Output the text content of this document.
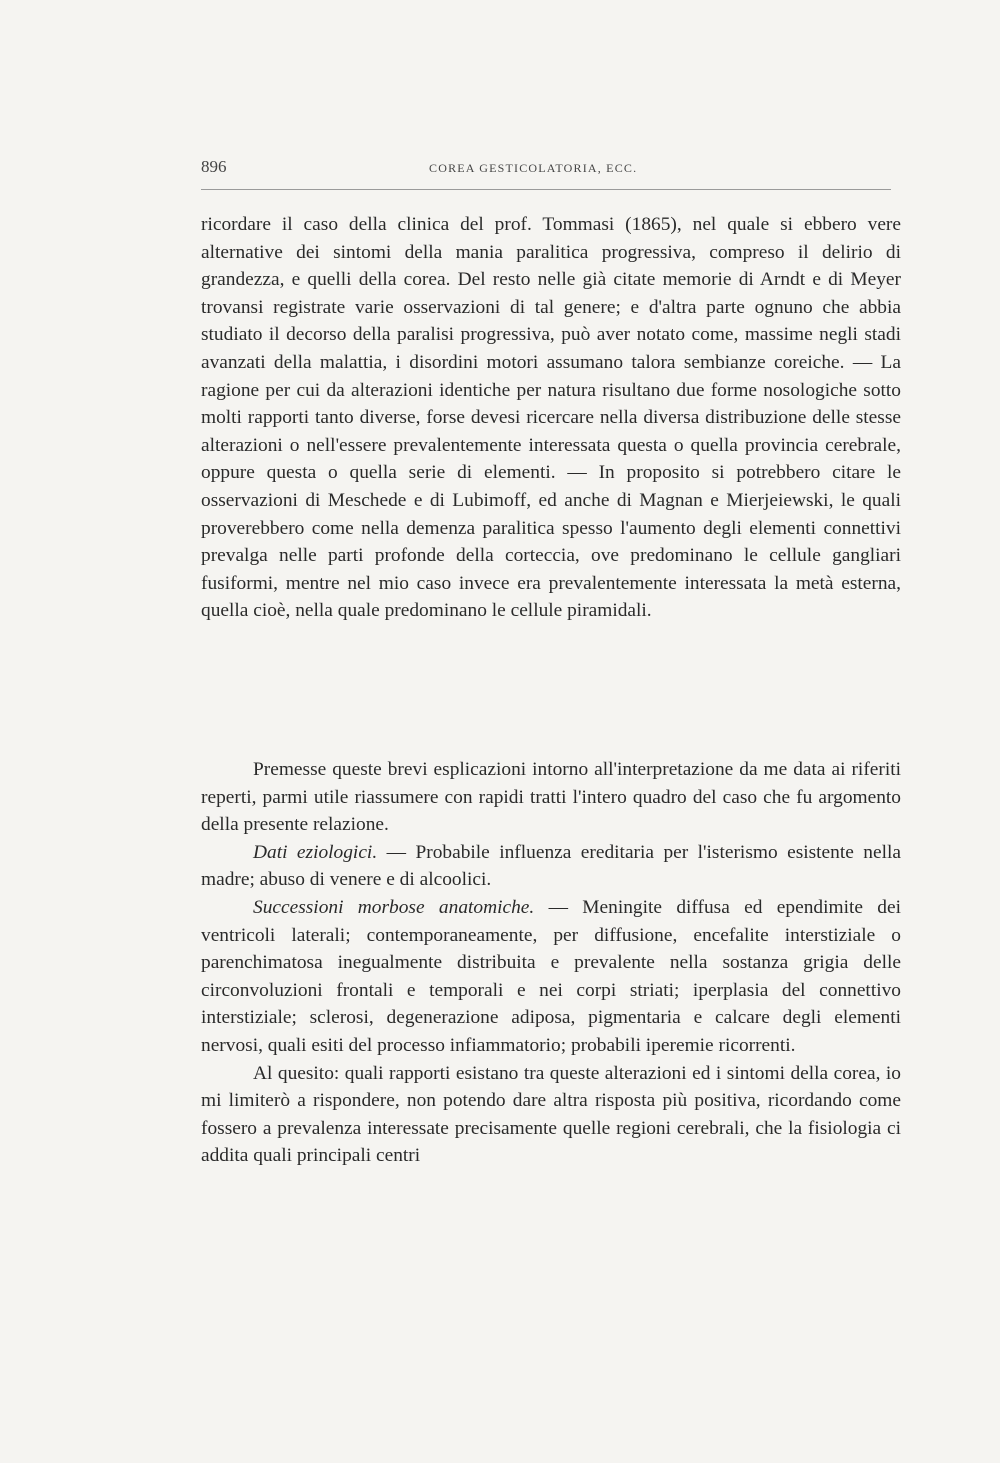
896	COREA GESTICOLATORIA, ECC.

ricordare il caso della clinica del prof. Tommasi (1865), nel quale si ebbero vere alternative dei sintomi della mania paralitica progressiva, compreso il delirio di grandezza, e quelli della corea. Del resto nelle già citate memorie di Arndt e di Meyer trovansi registrate varie osservazioni di tal genere; e d'altra parte ognuno che abbia studiato il decorso della paralisi progressiva, può aver notato come, massime negli stadi avanzati della malattia, i disordini motori assumano talora sembianze coreiche. — La ragione per cui da alterazioni identiche per natura risultano due forme nosologiche sotto molti rapporti tanto diverse, forse devesi ricercare nella diversa distribuzione delle stesse alterazioni o nell'essere prevalentemente interessata questa o quella provincia cerebrale, oppure questa o quella serie di elementi. — In proposito si potrebbero citare le osservazioni di Meschede e di Lubimoff, ed anche di Magnan e Mierjeiewski, le quali proverebbero come nella demenza paralitica spesso l'aumento degli elementi connettivi prevalga nelle parti profonde della corteccia, ove predominano le cellule gangliari fusiformi, mentre nel mio caso invece era prevalentemente interessata la metà esterna, quella cioè, nella quale predominano le cellule piramidali.

Premesse queste brevi esplicazioni intorno all'interpretazione da me data ai riferiti reperti, parmi utile riassumere con rapidi tratti l'intero quadro del caso che fu argomento della presente relazione.

Dati eziologici. — Probabile influenza ereditaria per l'isterismo esistente nella madre; abuso di venere e di alcoolici.

Successioni morbose anatomiche. — Meningite diffusa ed ependimite dei ventricoli laterali; contemporaneamente, per diffusione, encefalite interstiziale o parenchimatosa inegualmente distribuita e prevalente nella sostanza grigia delle circonvoluzioni frontali e temporali e nei corpi striati; iperplasia del connettivo interstiziale; sclerosi, degenerazione adiposa, pigmentaria e calcare degli elementi nervosi, quali esiti del processo infiammatorio; probabili iperemie ricorrenti.

Al quesito: quali rapporti esistano tra queste alterazioni ed i sintomi della corea, io mi limiterò a rispondere, non potendo dare altra risposta più positiva, ricordando come fossero a prevalenza interessate precisamente quelle regioni cerebrali, che la fisiologia ci addita quali principali centri
